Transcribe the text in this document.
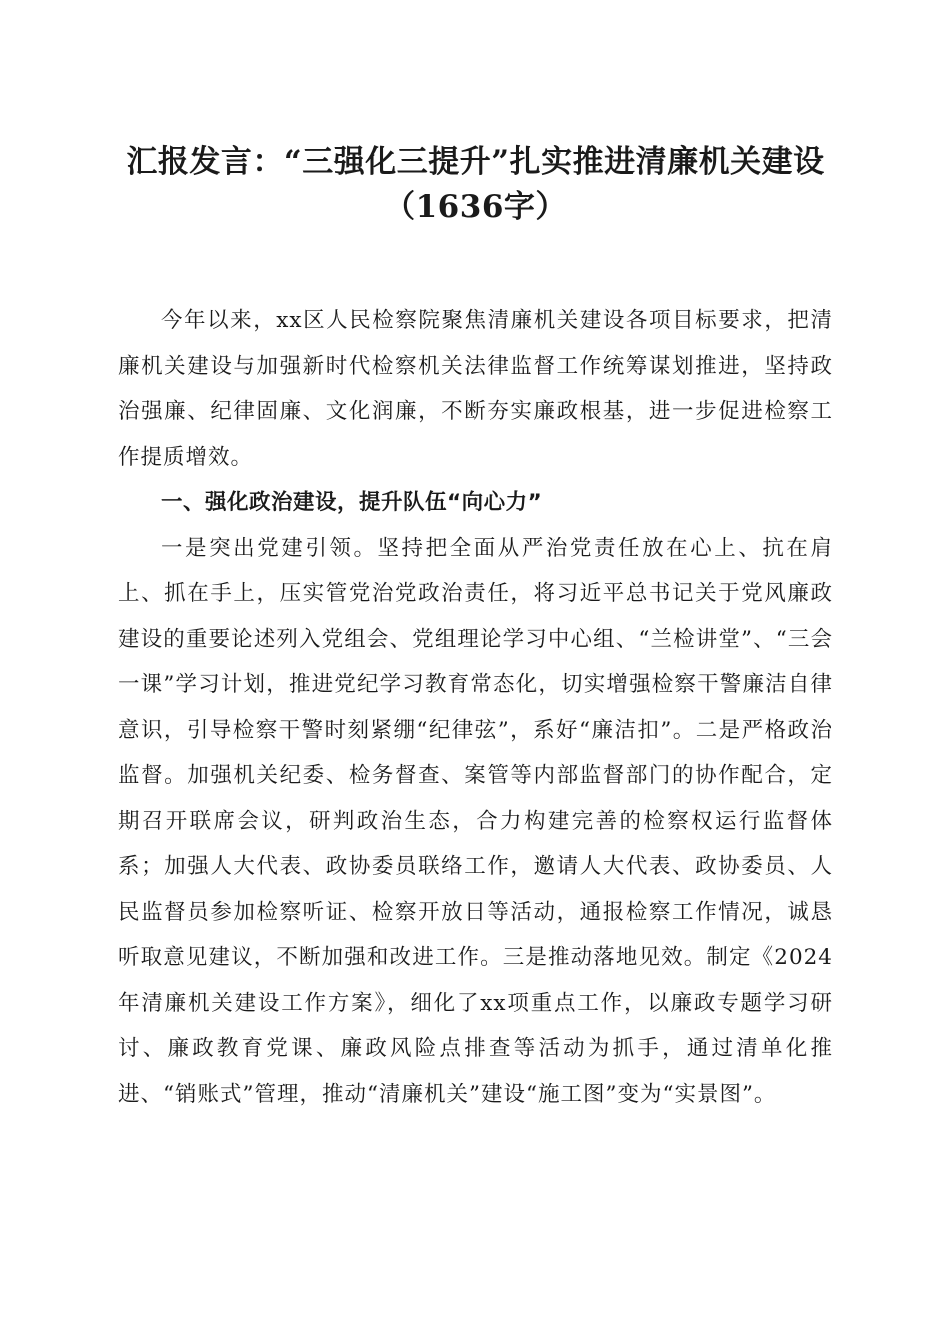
汇报发言：“三强化三提升”扎实推进清廉机关建设（1636字）

今年以来，xx区人民检察院聚焦清廉机关建设各项目标要求，把清廉机关建设与加强新时代检察机关法律监督工作统筹谋划推进，坚持政治强廉、纪律固廉、文化润廉，不断夯实廉政根基，进一步促进检察工作提质增效。

一、强化政治建设，提升队伍“向心力”

一是突出党建引领。坚持把全面从严治党责任放在心上、抗在肩上、抓在手上，压实管党治党政治责任，将习近平总书记关于党风廉政建设的重要论述列入党组会、党组理论学习中心组、“兰检讲堂”、“三会一课”学习计划，推进党纪学习教育常态化，切实增强检察干警廉洁自律意识，引导检察干警时刻紧绷“纪律弦”，系好“廉洁扣”。二是严格政治监督。加强机关纪委、检务督查、案管等内部监督部门的协作配合，定期召开联席会议，研判政治生态，合力构建完善的检察权运行监督体系；加强人大代表、政协委员联络工作，邀请人大代表、政协委员、人民监督员参加检察听证、检察开放日等活动，通报检察工作情况，诚恳听取意见建议，不断加强和改进工作。三是推动落地见效。制定《2024年清廉机关建设工作方案》，细化了xx项重点工作，以廉政专题学习研讨、廉政教育党课、廉政风险点排查等活动为抓手，通过清单化推进、“销账式”管理，推动“清廉机关”建设“施工图”变为“实景图”。
